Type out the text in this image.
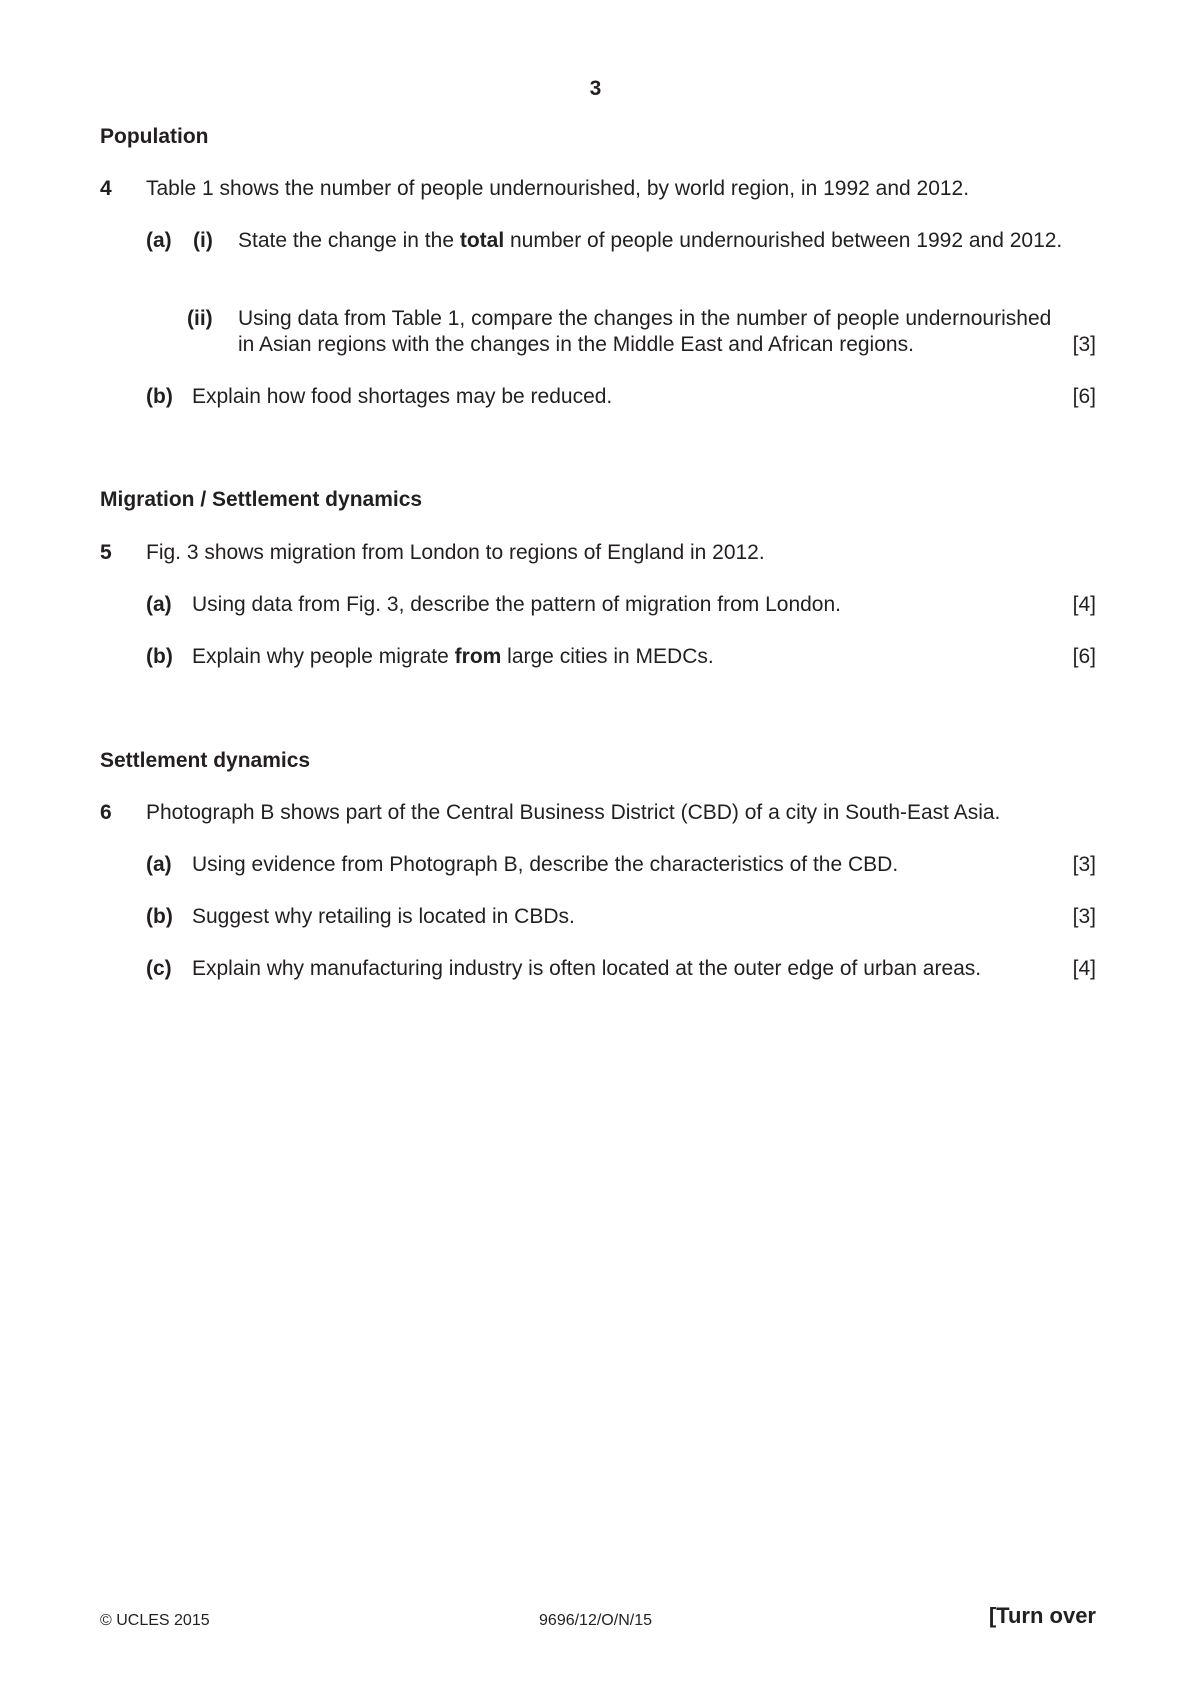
3
Population
4 Table 1 shows the number of people undernourished, by world region, in 1992 and 2012.
(a) (i) State the change in the total number of people undernourished between 1992 and 2012.
(ii) Using data from Table 1, compare the changes in the number of people undernourished
in Asian regions with the changes in the Middle East and African regions.	[3]
(b) Explain how food shortages may be reduced.	[6]
Migration / Settlement dynamics
5 Fig. 3 shows migration from London to regions of England in 2012.
(a) Using data from Fig. 3, describe the pattern of migration from London.	[4]
(b) Explain why people migrate from large cities in MEDCs.	[6]
Settlement dynamics
6 Photograph B shows part of the Central Business District (CBD) of a city in South-East Asia.
(a) Using evidence from Photograph B, describe the characteristics of the CBD.	[3]
(b) Suggest why retailing is located in CBDs.	[3]
(c) Explain why manufacturing industry is often located at the outer edge of urban areas.	[4]
© UCLES 2015	9696/12/O/N/15	[Turn over
